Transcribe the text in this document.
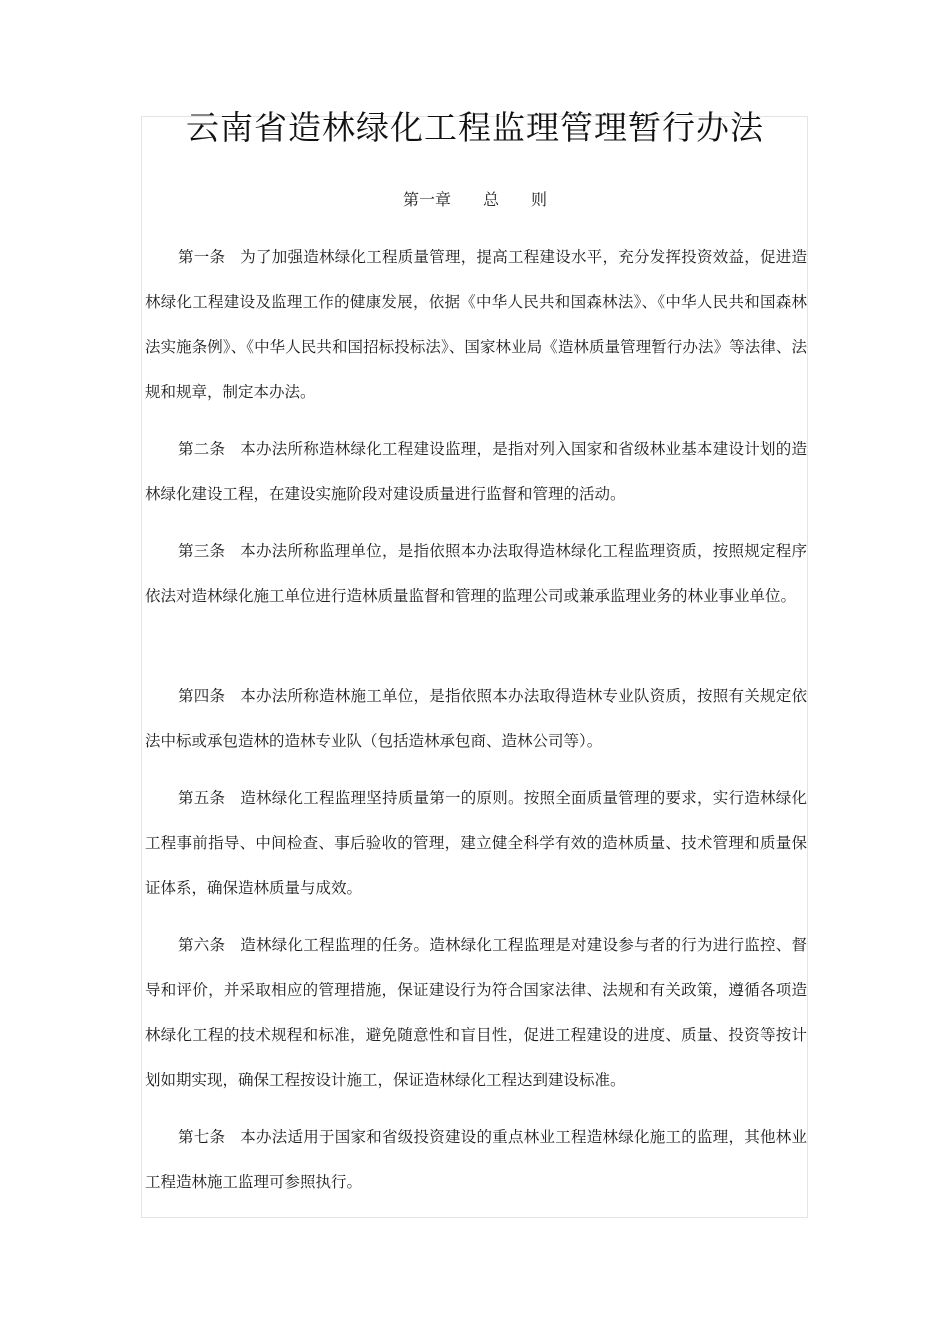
云南省造林绿化工程监理管理暂行办法
第一章 总 则

第一条 为了加强造林绿化工程质量管理，提高工程建设水平，充分发挥投资效益，促进造林绿化工程建设及监理工作的健康发展，依据《中华人民共和国森林法》、《中华人民共和国森林法实施条例》、《中华人民共和国招标投标法》、国家林业局《造林质量管理暂行办法》等法律、法规和规章，制定本办法。

第二条 本办法所称造林绿化工程建设监理，是指对列入国家和省级林业基本建设计划的造林绿化建设工程，在建设实施阶段对建设质量进行监督和管理的活动。

第三条 本办法所称监理单位，是指依照本办法取得造林绿化工程监理资质，按照规定程序依法对造林绿化施工单位进行造林质量监督和管理的监理公司或兼承监理业务的林业事业单位。

第四条 本办法所称造林施工单位，是指依照本办法取得造林专业队资质，按照有关规定依法中标或承包造林的造林专业队（包括造林承包商、造林公司等）。

第五条 造林绿化工程监理坚持质量第一的原则。按照全面质量管理的要求，实行造林绿化工程事前指导、中间检查、事后验收的管理，建立健全科学有效的造林质量、技术管理和质量保证体系，确保造林质量与成效。

第六条 造林绿化工程监理的任务。造林绿化工程监理是对建设参与者的行为进行监控、督导和评价，并采取相应的管理措施，保证建设行为符合国家法律、法规和有关政策，遵循各项造林绿化工程的技术规程和标准，避免随意性和盲目性，促进工程建设的进度、质量、投资等按计划如期实现，确保工程按设计施工，保证造林绿化工程达到建设标准。

第七条 本办法适用于国家和省级投资建设的重点林业工程造林绿化施工的监理，其他林业工程造林施工监理可参照执行。
